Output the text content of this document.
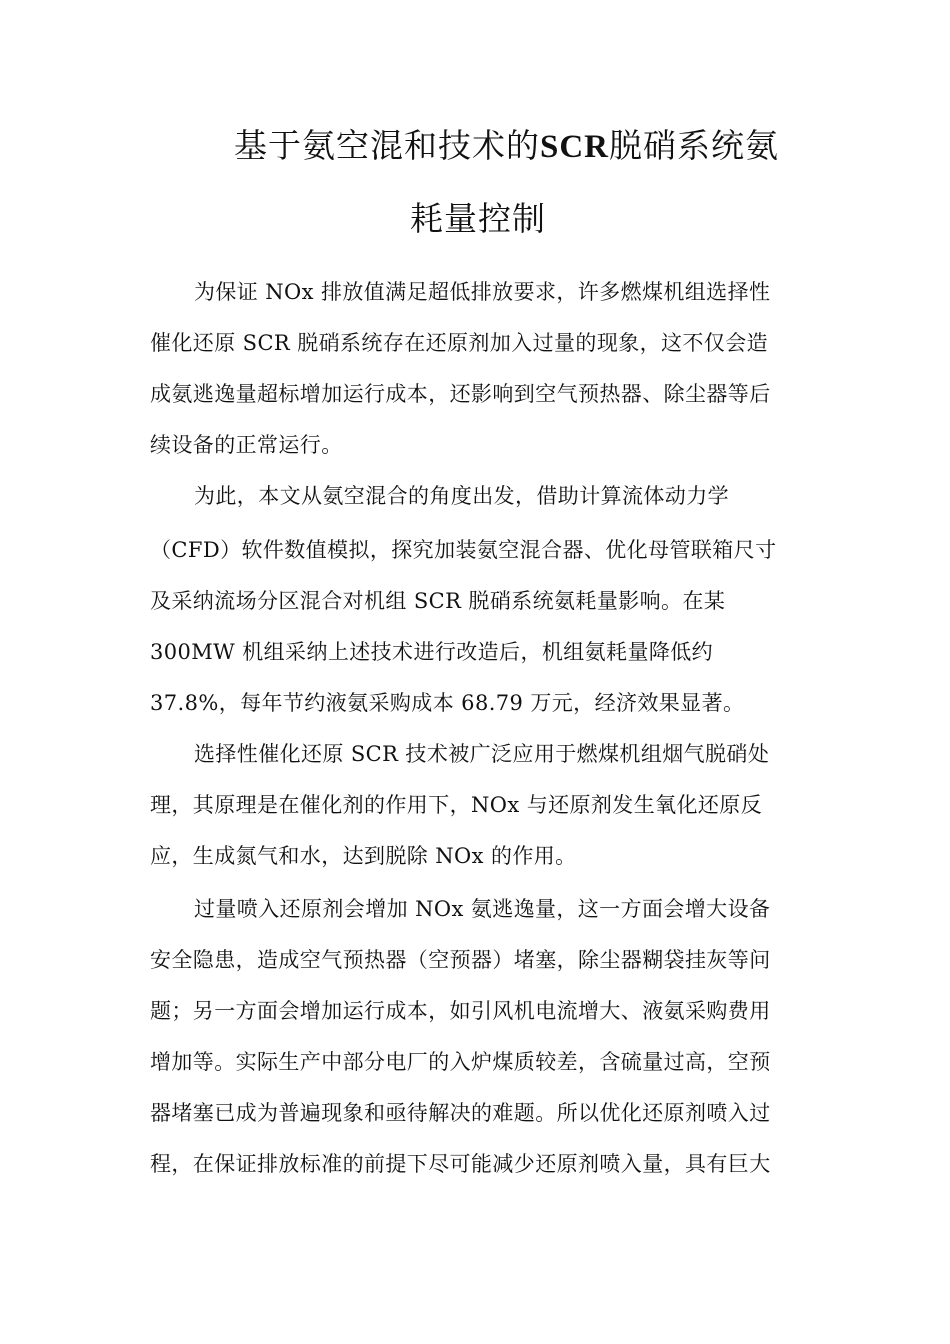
基于氨空混和技术的SCR脱硝系统氨
耗量控制
为保证 NOx 排放值满足超低排放要求，许多燃煤机组选择性
催化还原 SCR 脱硝系统存在还原剂加入过量的现象，这不仅会造
成氨逃逸量超标增加运行成本，还影响到空气预热器、除尘器等后
续设备的正常运行。
为此，本文从氨空混合的角度出发，借助计算流体动力学
（CFD）软件数值模拟，探究加装氨空混合器、优化母管联箱尺寸
及采纳流场分区混合对机组 SCR 脱硝系统氨耗量影响。在某
300MW 机组采纳上述技术进行改造后，机组氨耗量降低约
37.8%，每年节约液氨采购成本 68.79 万元，经济效果显著。
选择性催化还原 SCR 技术被广泛应用于燃煤机组烟气脱硝处
理，其原理是在催化剂的作用下，NOx 与还原剂发生氧化还原反
应，生成氮气和水，达到脱除 NOx 的作用。
过量喷入还原剂会增加 NOx 氨逃逸量，这一方面会增大设备
安全隐患，造成空气预热器（空预器）堵塞，除尘器糊袋挂灰等问
题；另一方面会增加运行成本，如引风机电流增大、液氨采购费用
增加等。实际生产中部分电厂的入炉煤质较差，含硫量过高，空预
器堵塞已成为普遍现象和亟待解决的难题。所以优化还原剂喷入过
程，在保证排放标准的前提下尽可能减少还原剂喷入量，具有巨大
